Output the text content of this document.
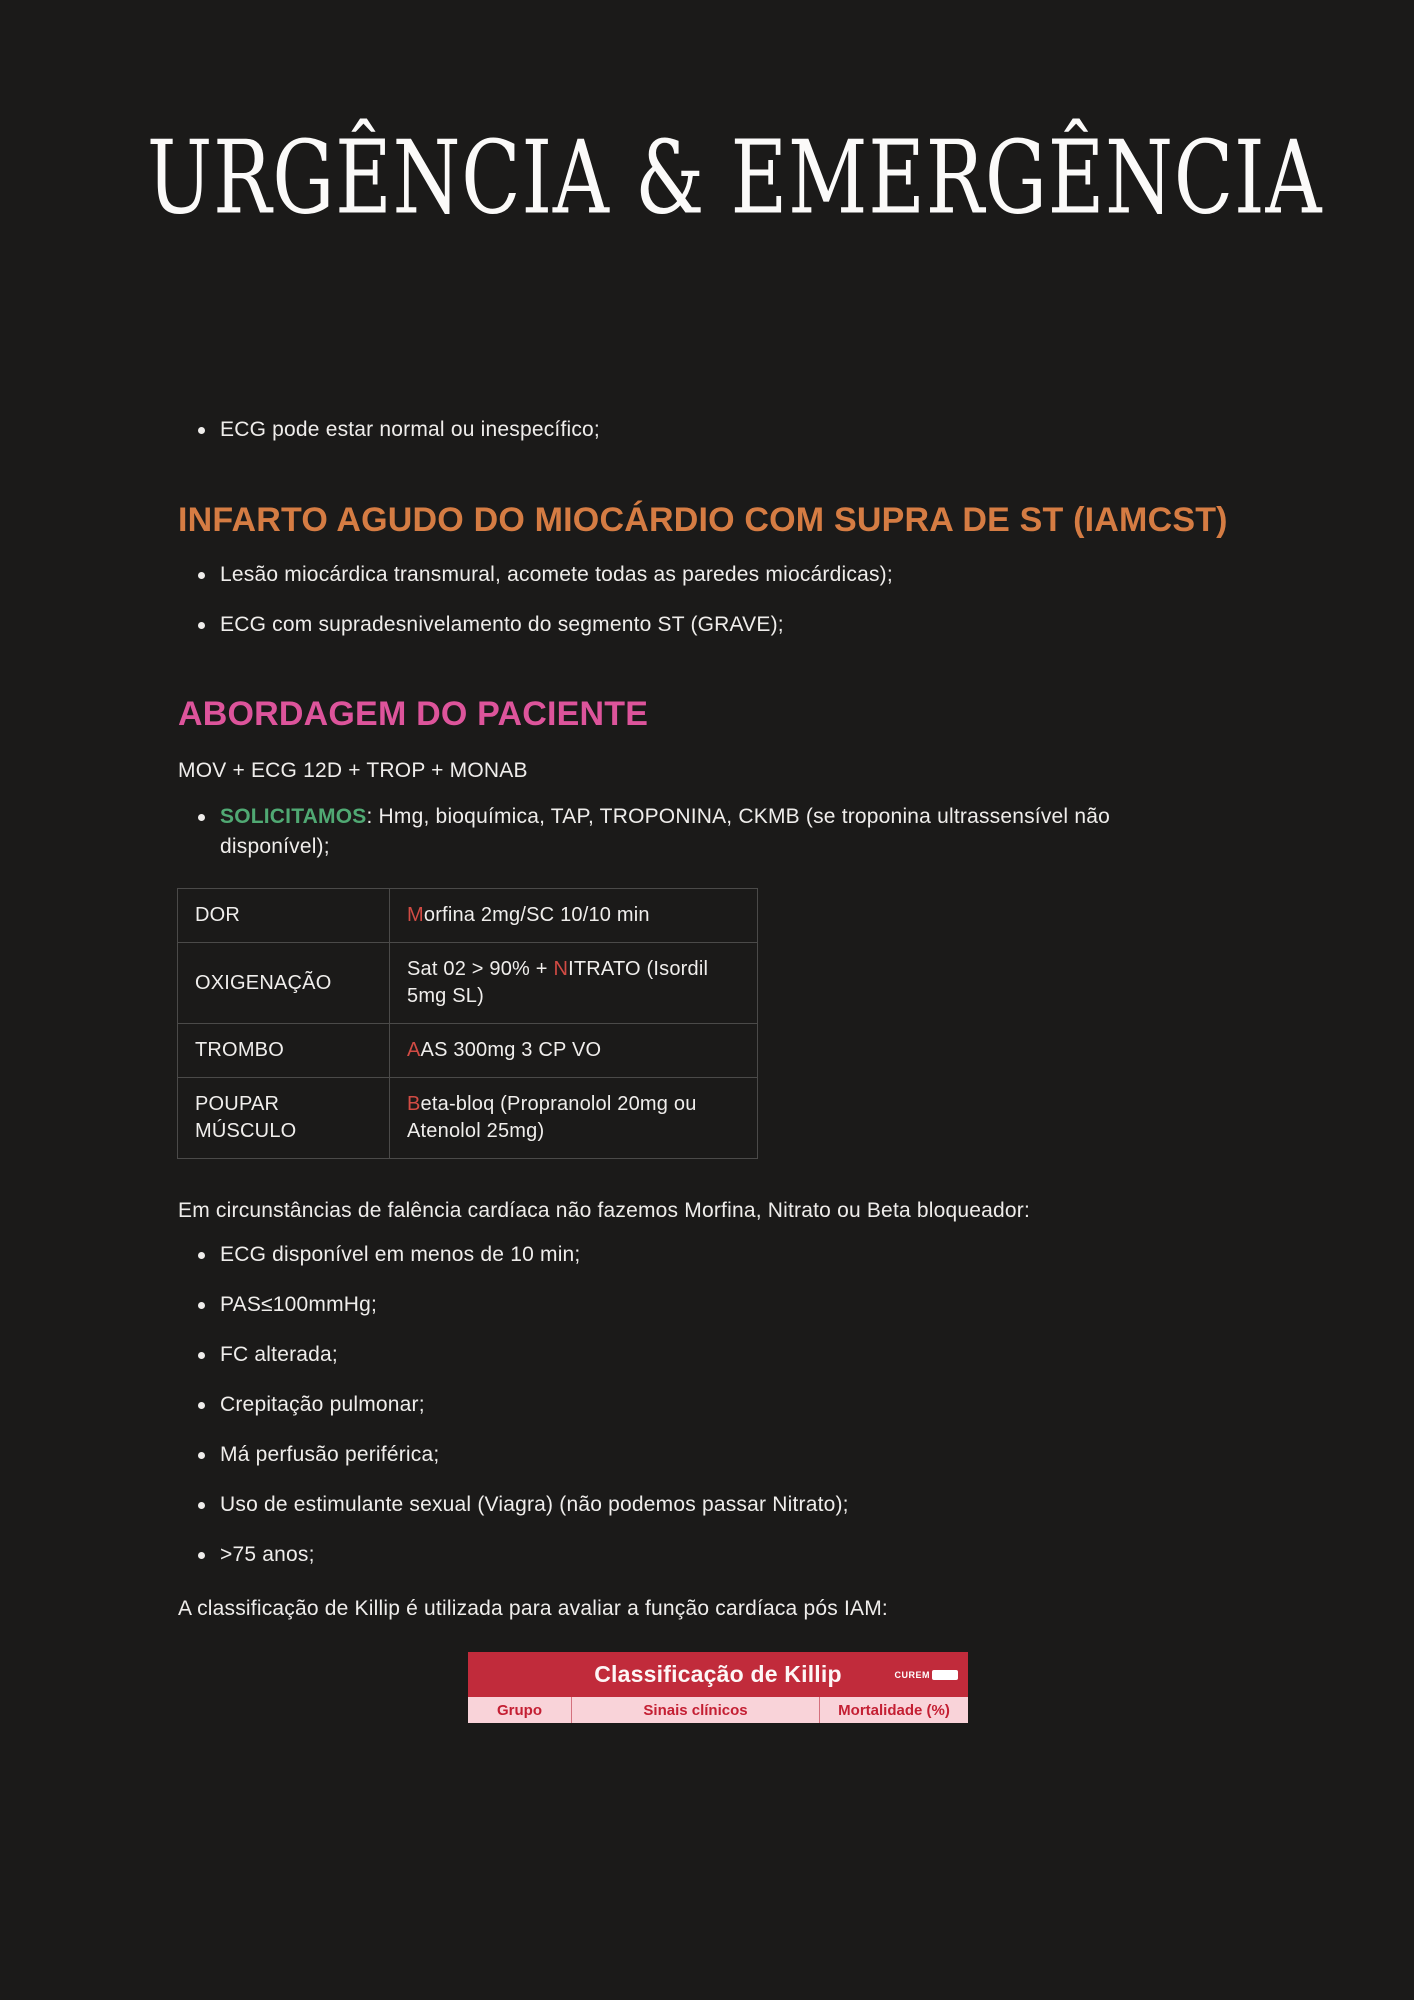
URGÊNCIA & EMERGÊNCIA
ECG pode estar normal ou inespecífico;
INFARTO AGUDO DO MIOCÁRDIO COM SUPRA DE ST (IAMCST)
Lesão miocárdica transmural, acomete todas as paredes miocárdicas);
ECG com supradesnivelamento do segmento ST (GRAVE);
ABORDAGEM DO PACIENTE
MOV + ECG 12D + TROP + MONAB
SOLICITAMOS: Hmg, bioquímica, TAP, TROPONINA, CKMB (se troponina ultrassensível não disponível);
DOR	Morfina 2mg/SC 10/10 min
OXIGENAÇÃO	Sat 02 > 90% + NITRATO (Isordil 5mg SL)
TROMBO	AAS 300mg 3 CP VO
POUPAR MÚSCULO	Beta-bloq (Propranolol 20mg ou Atenolol 25mg)
Em circunstâncias de falência cardíaca não fazemos Morfina, Nitrato ou Beta bloqueador:
ECG disponível em menos de 10 min;
PAS≤100mmHg;
FC alterada;
Crepitação pulmonar;
Má perfusão periférica;
Uso de estimulante sexual (Viagra) (não podemos passar Nitrato);
>75 anos;
A classificação de Killip é utilizada para avaliar a função cardíaca pós IAM:
Classificação de Killip	CUREM
Grupo	Sinais clínicos	Mortalidade (%)
